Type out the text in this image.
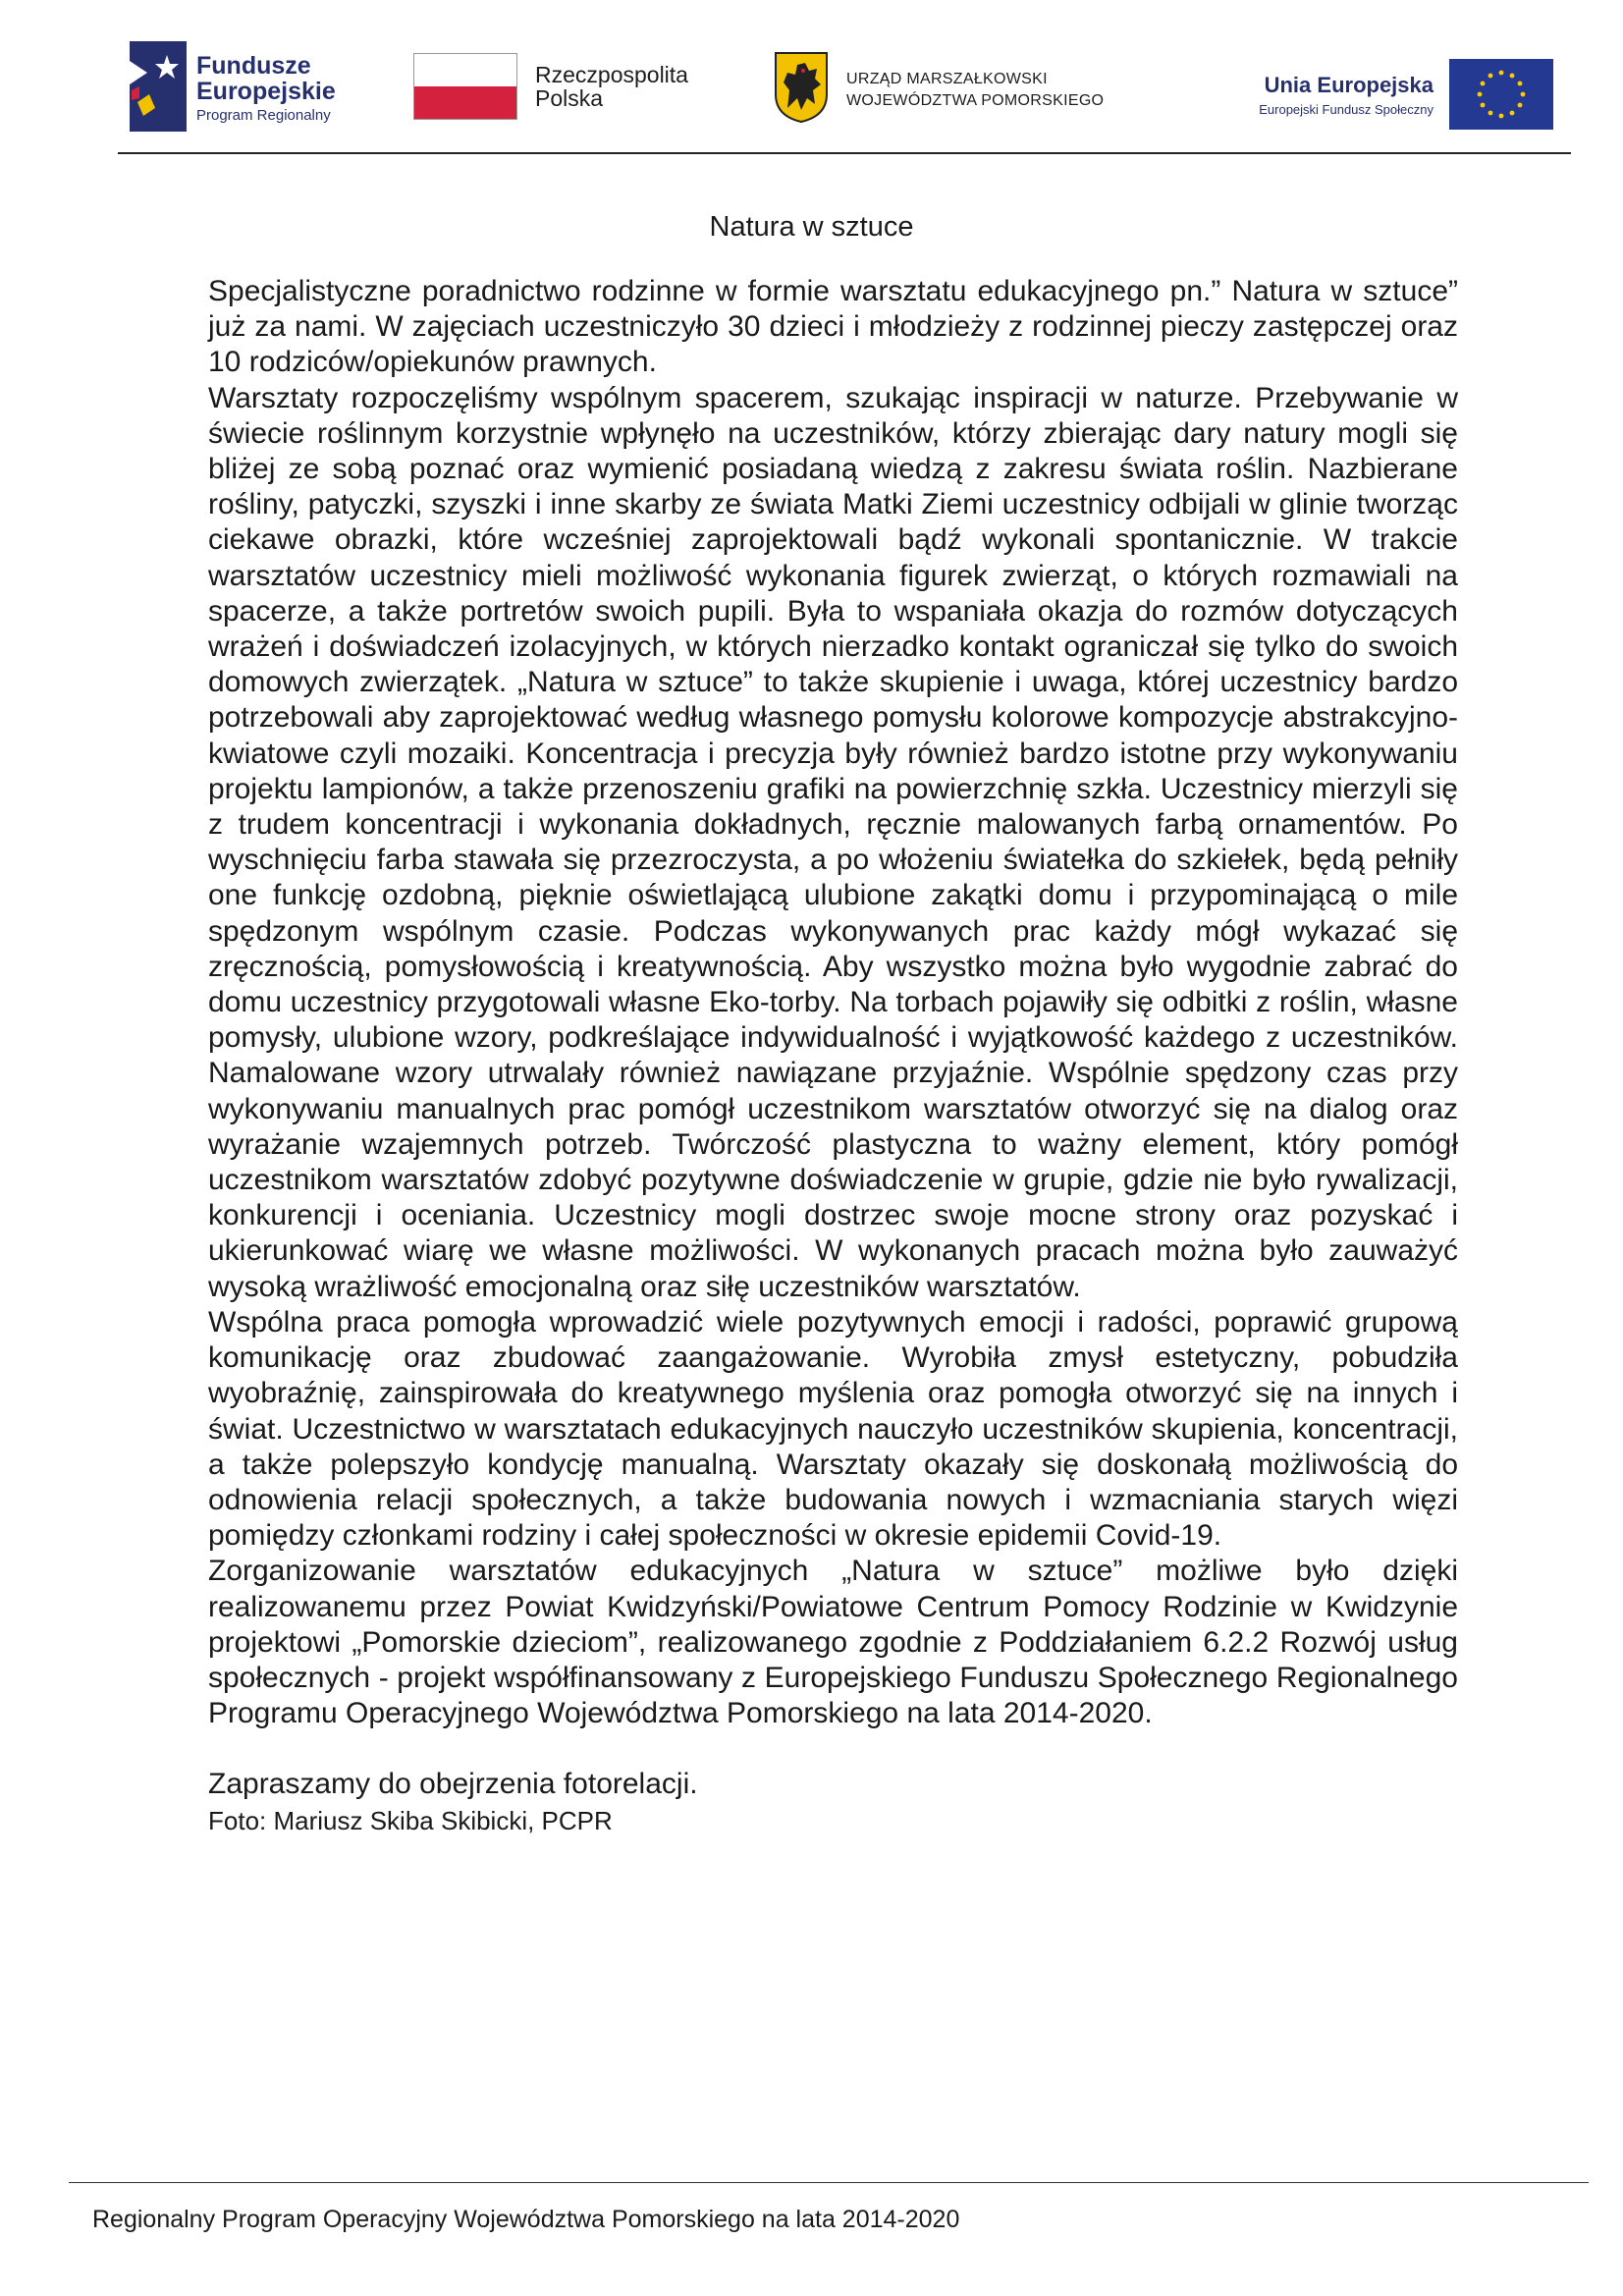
Fundusze
Europejskie
Program Regionalny
Rzeczpospolita
Polska
URZĄD MARSZAŁKOWSKI
WOJEWÓDZTWA POMORSKIEGO
Unia Europejska
Europejski Fundusz Społeczny
Natura w sztuce

Specjalistyczne poradnictwo rodzinne w formie warsztatu edukacyjnego pn.” Natura w sztuce” już za nami. W zajęciach uczestniczyło 30 dzieci i młodzieży z rodzinnej pieczy zastępczej oraz 10 rodziców/opiekunów prawnych.

Warsztaty rozpoczęliśmy wspólnym spacerem, szukając inspiracji w naturze. Przebywanie w świecie roślinnym korzystnie wpłynęło na uczestników, którzy zbierając dary natury mogli się bliżej ze sobą poznać oraz wymienić posiadaną wiedzą z zakresu świata roślin. Nazbierane rośliny, patyczki, szyszki i inne skarby ze świata Matki Ziemi uczestnicy odbijali w glinie tworząc ciekawe obrazki, które wcześniej zaprojektowali bądź wykonali spontanicznie. W trakcie warsztatów uczestnicy mieli możliwość wykonania figurek zwierząt, o których rozmawiali na spacerze, a także portretów swoich pupili. Była to wspaniała okazja do rozmów dotyczących wrażeń i doświadczeń izolacyjnych, w których nierzadko kontakt ograniczał się tylko do swoich domowych zwierzątek. „Natura w sztuce” to także skupienie i uwaga, której uczestnicy bardzo potrzebowali aby zaprojektować według własnego pomysłu kolorowe kompozycje abstrakcyjno-kwiatowe czyli mozaiki. Koncentracja i precyzja były również bardzo istotne przy wykonywaniu projektu lampionów, a także przenoszeniu grafiki na powierzchnię szkła. Uczestnicy mierzyli się z trudem koncentracji i wykonania dokładnych, ręcznie malowanych farbą ornamentów. Po wyschnięciu farba stawała się przezroczysta, a po włożeniu światełka do szkiełek, będą pełniły one funkcję ozdobną, pięknie oświetlającą ulubione zakątki domu i przypominającą o mile spędzonym wspólnym czasie. Podczas wykonywanych prac każdy mógł wykazać się zręcznością, pomysłowością i kreatywnością. Aby wszystko można było wygodnie zabrać do domu uczestnicy przygotowali własne Eko-torby. Na torbach pojawiły się odbitki z roślin, własne pomysły, ulubione wzory, podkreślające indywidualność i wyjątkowość każdego z uczestników. Namalowane wzory utrwalały również nawiązane przyjaźnie. Wspólnie spędzony czas przy wykonywaniu manualnych prac pomógł uczestnikom warsztatów otworzyć się na dialog oraz wyrażanie wzajemnych potrzeb. Twórczość plastyczna to ważny element, który pomógł uczestnikom warsztatów zdobyć pozytywne doświadczenie w grupie, gdzie nie było rywalizacji, konkurencji i oceniania. Uczestnicy mogli dostrzec swoje mocne strony oraz pozyskać i ukierunkować wiarę we własne możliwości. W wykonanych pracach można było zauważyć wysoką wrażliwość emocjonalną oraz siłę uczestników warsztatów.

Wspólna praca pomogła wprowadzić wiele pozytywnych emocji i radości, poprawić grupową komunikację oraz zbudować zaangażowanie. Wyrobiła zmysł estetyczny, pobudziła wyobraźnię, zainspirowała do kreatywnego myślenia oraz pomogła otworzyć się na innych i świat. Uczestnictwo w warsztatach edukacyjnych nauczyło uczestników skupienia, koncentracji, a także polepszyło kondycję manualną. Warsztaty okazały się doskonałą możliwością do odnowienia relacji społecznych, a także budowania nowych i wzmacniania starych więzi pomiędzy członkami rodziny i całej społeczności w okresie epidemii Covid-19.

Zorganizowanie warsztatów edukacyjnych „Natura w sztuce” możliwe było dzięki realizowanemu przez Powiat Kwidzyński/Powiatowe Centrum Pomocy Rodzinie w Kwidzynie projektowi „Pomorskie dzieciom”, realizowanego zgodnie z Poddziałaniem 6.2.2 Rozwój usług społecznych - projekt współfinansowany z Europejskiego Funduszu Społecznego Regionalnego Programu Operacyjnego Województwa Pomorskiego na lata 2014-2020.

Zapraszamy do obejrzenia fotorelacji.

Foto: Mariusz Skiba Skibicki, PCPR

Regionalny Program Operacyjny Województwa Pomorskiego na lata 2014-2020
